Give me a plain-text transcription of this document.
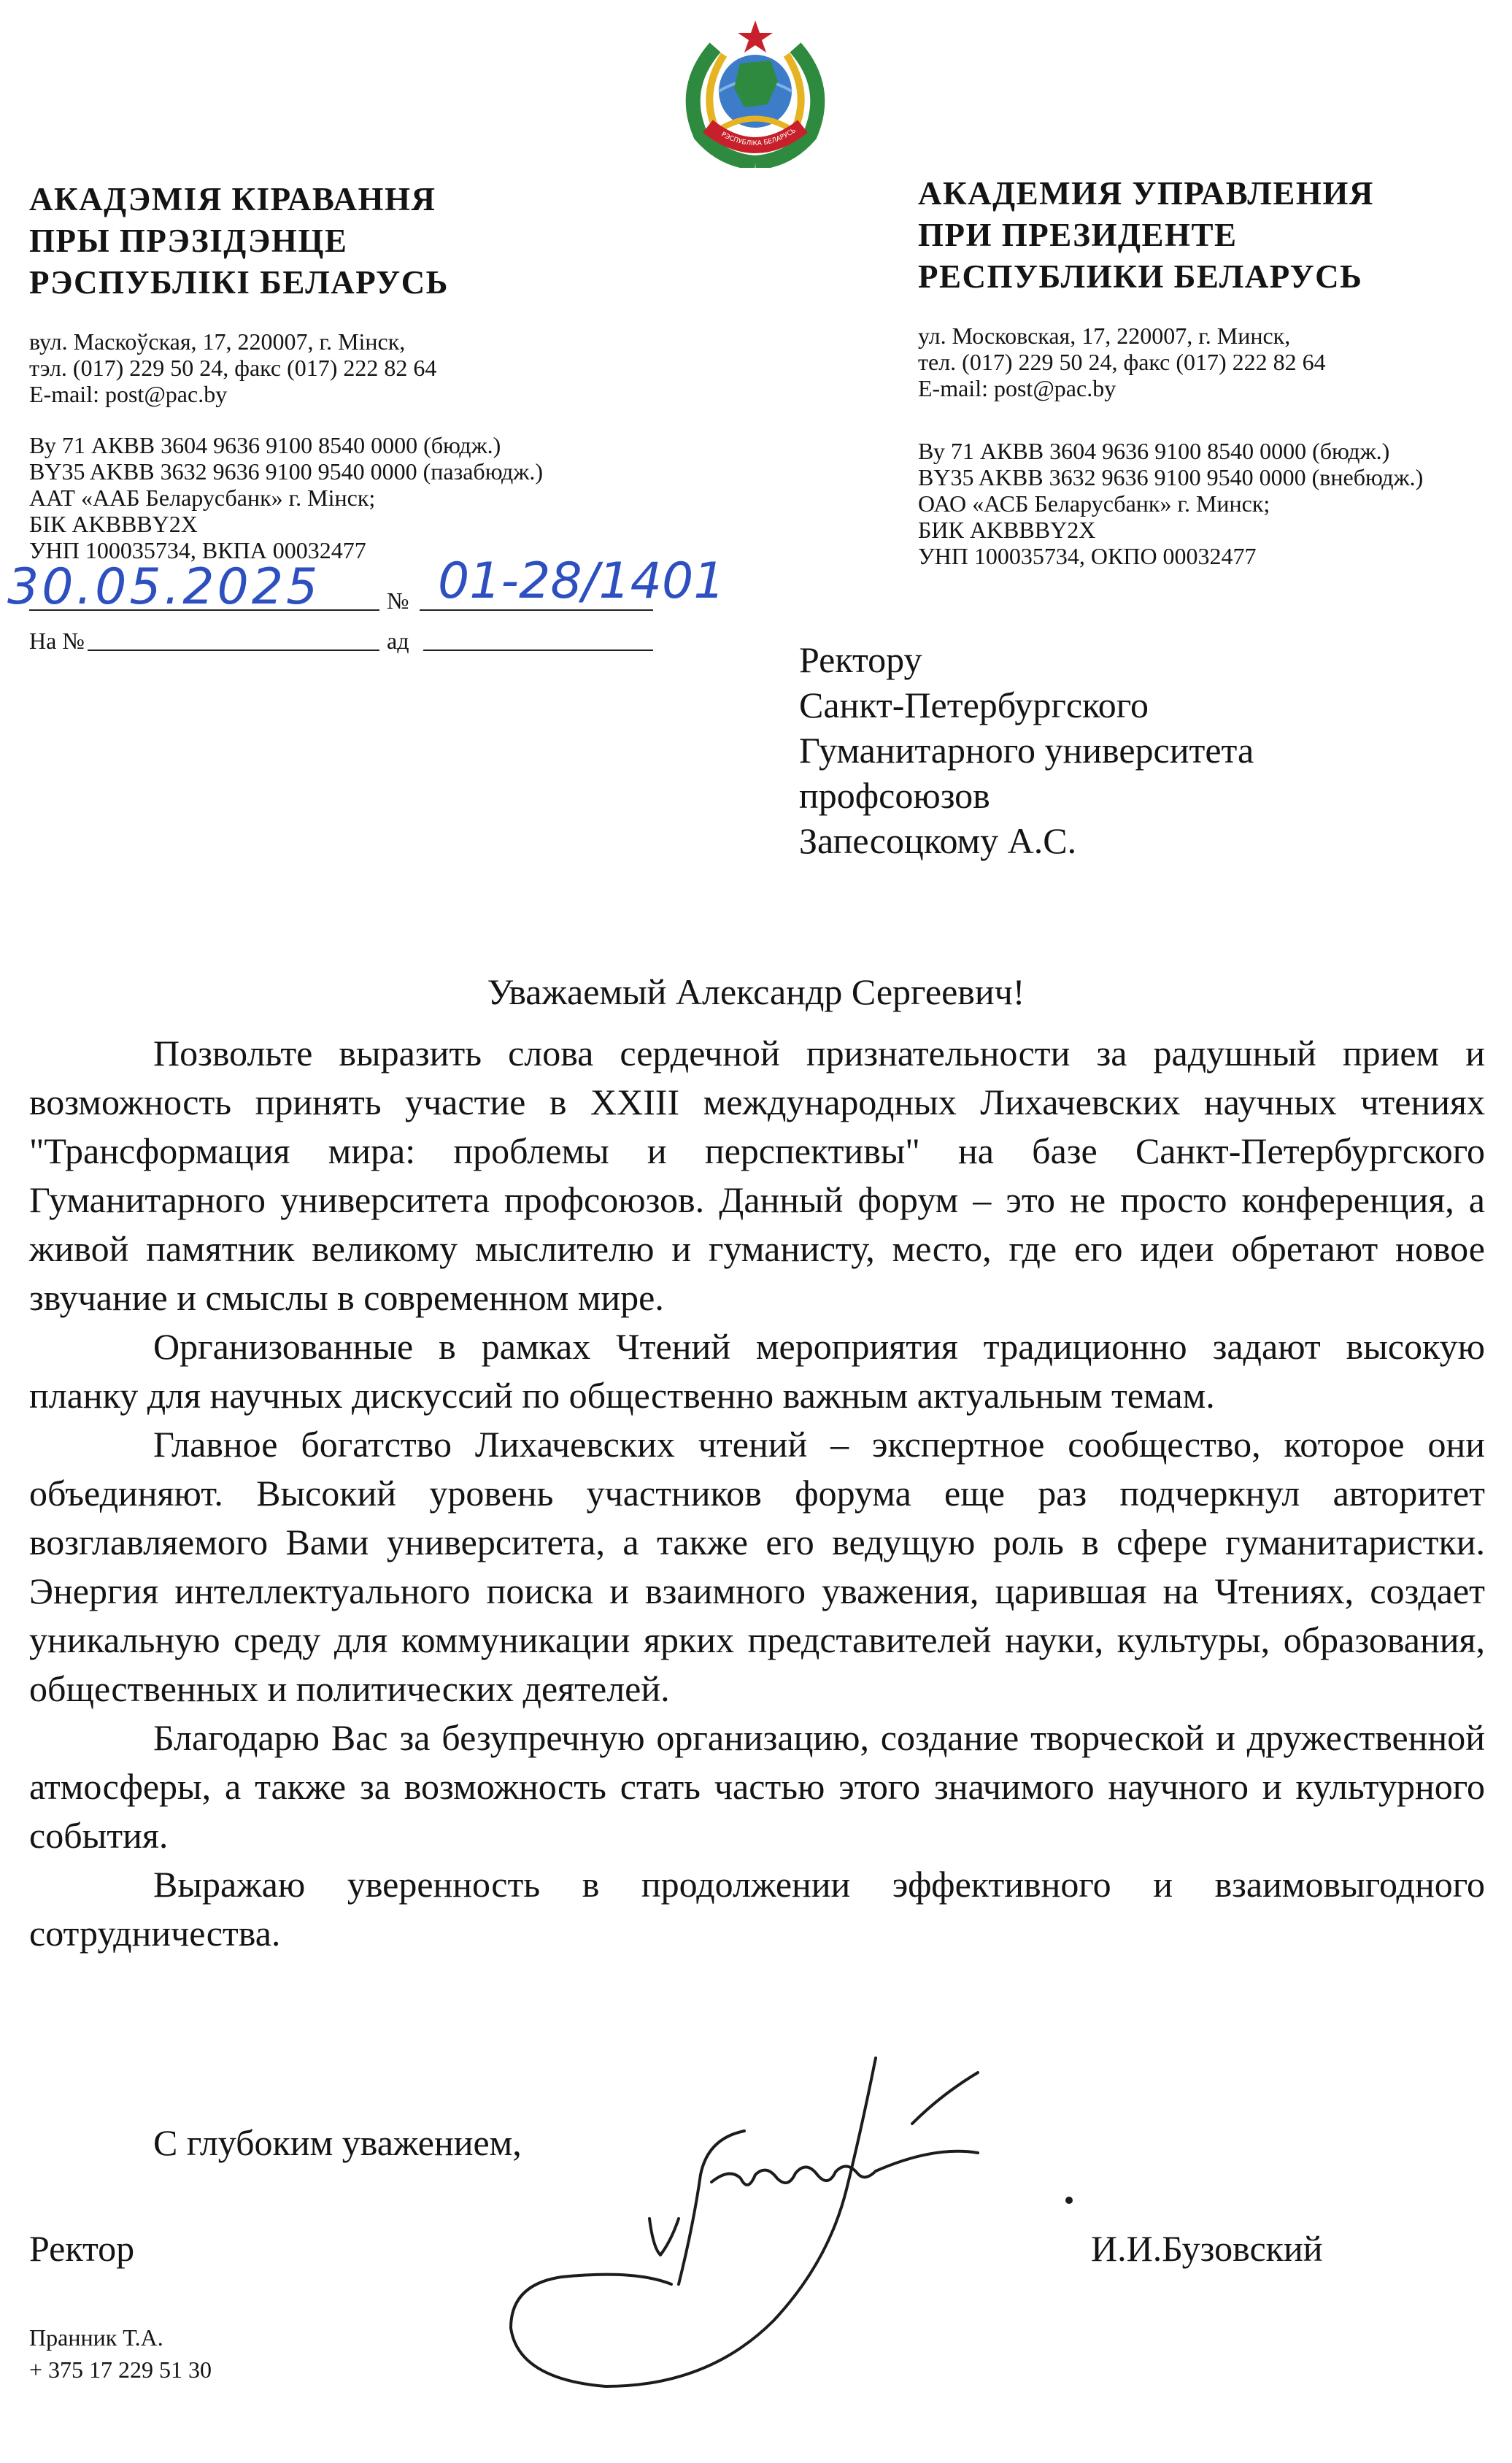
РЭСПУБЛІКА БЕЛАРУСЬ
АКАДЭМІЯ КІРАВАННЯ
ПРЫ ПРЭЗІДЭНЦЕ
РЭСПУБЛІКІ БЕЛАРУСЬ
вул. Маскоўская, 17, 220007, г. Мінск,
тэл. (017) 229 50 24, факс (017) 222 82 64
E-mail: post@pac.by
Ву 71 АКВВ 3604 9636 9100 8540 0000 (бюдж.)
BY35 AKBB 3632 9636 9100 9540 0000 (пазабюдж.)
ААТ «ААБ Беларусбанк» г. Мінск;
БІК AKBBBY2X
УНП 100035734, ВКПА 00032477
АКАДЕМИЯ УПРАВЛЕНИЯ
ПРИ ПРЕЗИДЕНТЕ
РЕСПУБЛИКИ БЕЛАРУСЬ
ул. Московская, 17, 220007, г. Минск,
тел. (017) 229 50 24, факс (017) 222 82 64
E-mail: post@pac.by
Ву 71 АКВВ 3604 9636 9100 8540 0000 (бюдж.)
BY35 AKBB 3632 9636 9100 9540 0000 (внебюдж.)
ОАО «АСБ Беларусбанк» г. Минск;
БИК AKBBBY2X
УНП 100035734, ОКПО 00032477
30.05.2025	№ 01-28/1401
На №	ад	Ректору
Санкт-Петербургского
Гуманитарного университета
профсоюзов
Запесоцкому А.С.
Уважаемый Александр Сергеевич!

Позвольте выразить слова сердечной признательности за радушный прием и возможность принять участие в XXIII международных Лихачевских научных чтениях "Трансформация мира: проблемы и перспективы" на базе Санкт-Петербургского Гуманитарного университета профсоюзов. Данный форум – это не просто конференция, а живой памятник великому мыслителю и гуманисту, место, где его идеи обретают новое звучание и смыслы в современном мире.

Организованные в рамках Чтений мероприятия традиционно задают высокую планку для научных дискуссий по общественно важным актуальным темам.

Главное богатство Лихачевских чтений – экспертное сообщество, которое они объединяют. Высокий уровень участников форума еще раз подчеркнул авторитет возглавляемого Вами университета, а также его ведущую роль в сфере гуманитаристки. Энергия интеллектуального поиска и взаимного уважения, царившая на Чтениях, создает уникальную среду для коммуникации ярких представителей науки, культуры, образования, общественных и политических деятелей.

Благодарю Вас за безупречную организацию, создание творческой и дружественной атмосферы, а также за возможность стать частью этого значимого научного и культурного события.

Выражаю уверенность в продолжении эффективного и взаимовыгодного сотрудничества.

С глубоким уважением,
Ректор	И.И.Бузовский
Пранник Т.А.
+ 375 17 229 51 30
